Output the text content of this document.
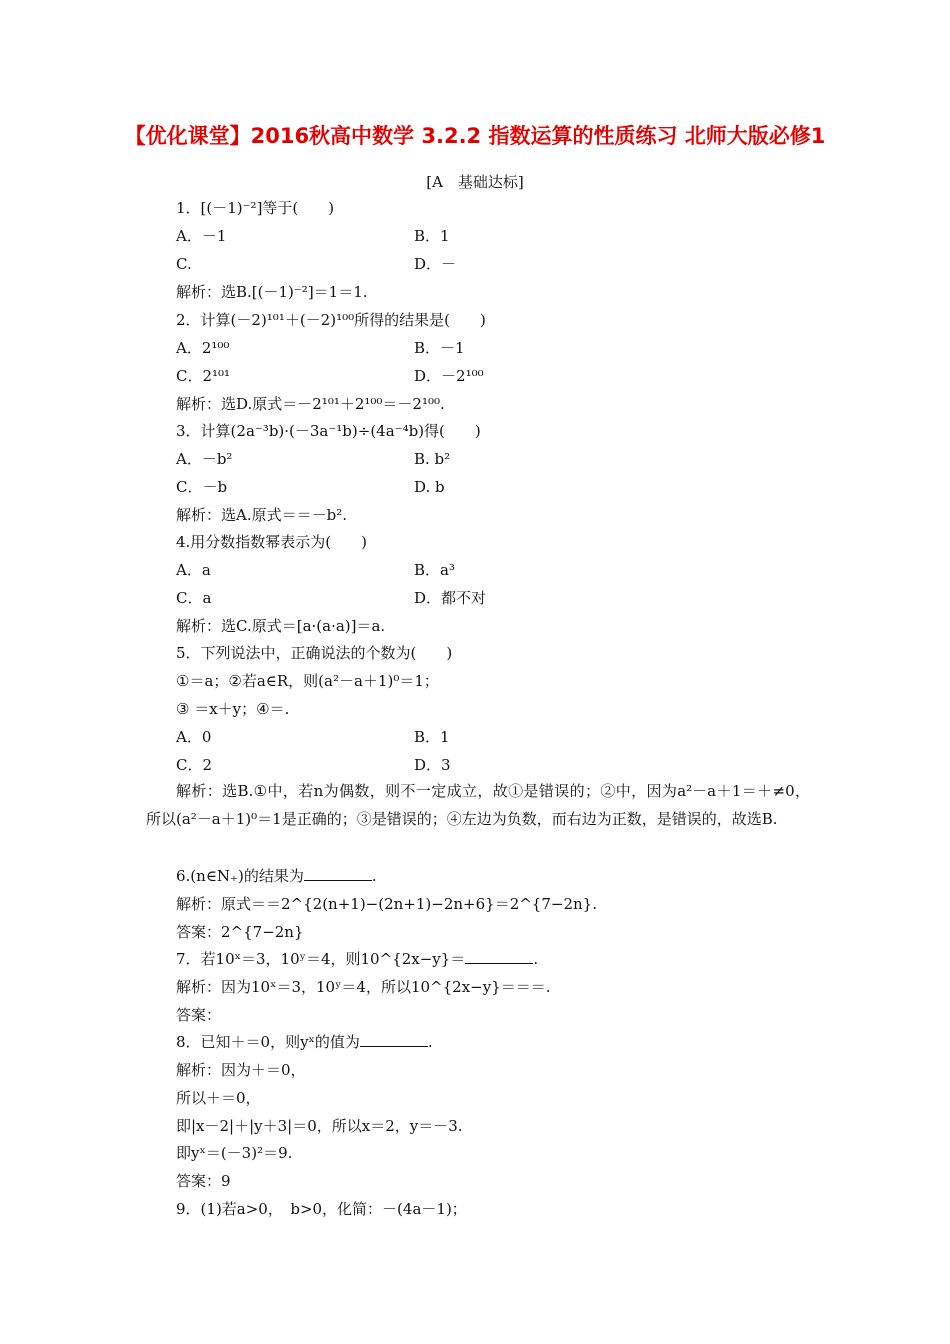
【优化课堂】2016秋高中数学 3.2.2 指数运算的性质练习 北师大版必修1
[A　基础达标]
1．[(－1)⁻²]等于(　　)
A．－1	B．1
C.	D．－
解析：选B.[(－1)⁻²]＝1＝1.
2．计算(－2)¹⁰¹＋(－2)¹⁰⁰所得的结果是(　　)
A．2¹⁰⁰	B．－1
C．2¹⁰¹	D．－2¹⁰⁰
解析：选D.原式＝－2¹⁰¹＋2¹⁰⁰＝－2¹⁰⁰.
3．计算(2a⁻³b)·(－3a⁻¹b)÷(4a⁻⁴b)得(　　)
A．－b²	B. b²
C．－b	D. b
解析：选A.原式＝＝－b².
4.用分数指数幂表示为(　　)
A．a	B．a³
C．a	D．都不对
解析：选C.原式＝[a·(a·a)]＝a.
5．下列说法中，正确说法的个数为(　　)
①＝a；②若a∈R，则(a²－a＋1)⁰＝1；
③ ＝x＋y；④＝.
A．0	B．1
C．2	D．3
解析：选B.①中，若n为偶数，则不一定成立，故①是错误的；②中，因为a²－a＋1＝＋≠0，所以(a²－a＋1)⁰＝1是正确的；③是错误的；④左边为负数，而右边为正数，是错误的，故选B.
6.(n∈N₊)的结果为	.
解析：原式＝＝2^{2(n+1)−(2n+1)−2n+6}＝2^{7−2n}.
答案：2^{7−2n}
7．若10ˣ＝3，10ʸ＝4，则10^{2x−y}＝	.
解析：因为10ˣ＝3，10ʸ＝4，所以10^{2x−y}＝＝＝.
答案：
8．已知＋＝0，则yˣ的值为	.
解析：因为＋＝0，
所以＋＝0，
即|x－2|＋|y＋3|＝0，所以x＝2，y＝－3.
即yˣ＝(－3)²＝9.
答案：9
9．(1)若a>0，　b>0，化简：－(4a－1)；
